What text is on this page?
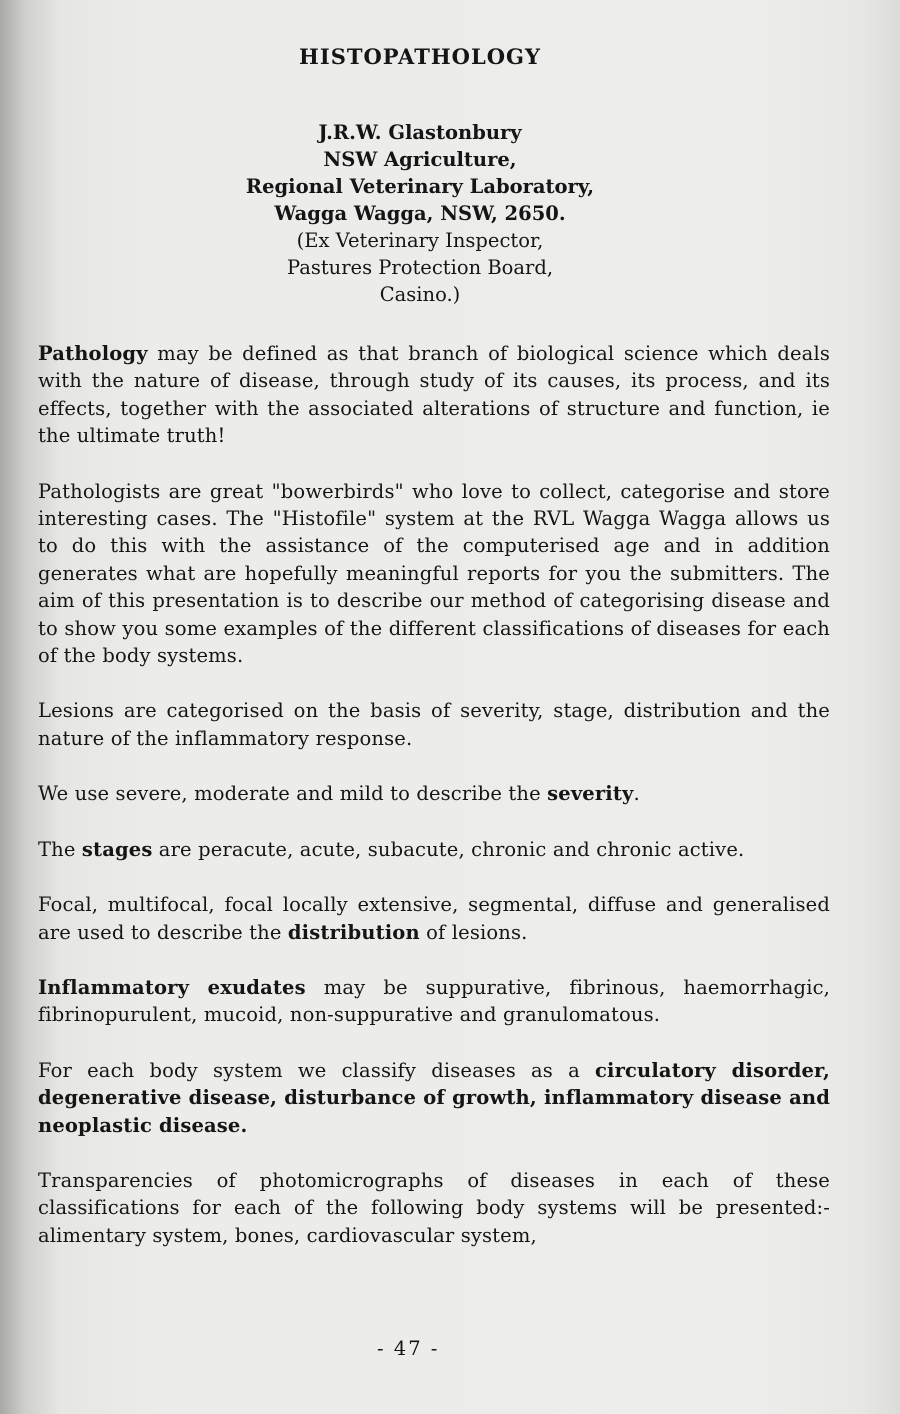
HISTOPATHOLOGY
J.R.W. Glastonbury
NSW Agriculture,
Regional Veterinary Laboratory,
Wagga Wagga, NSW, 2650.
(Ex Veterinary Inspector,
Pastures Protection Board,
Casino.)

Pathology may be defined as that branch of biological science which deals with the nature of disease, through study of its causes, its process, and its effects, together with the associated alterations of structure and function, ie the ultimate truth!

Pathologists are great "bowerbirds" who love to collect, categorise and store interesting cases. The "Histofile" system at the RVL Wagga Wagga allows us to do this with the assistance of the computerised age and in addition generates what are hopefully meaningful reports for you the submitters. The aim of this presentation is to describe our method of categorising disease and to show you some examples of the different classifications of diseases for each of the body systems.

Lesions are categorised on the basis of severity, stage, distribution and the nature of the inflammatory response.

We use severe, moderate and mild to describe the severity.

The stages are peracute, acute, subacute, chronic and chronic active.

Focal, multifocal, focal locally extensive, segmental, diffuse and generalised are used to describe the distribution of lesions.

Inflammatory exudates may be suppurative, fibrinous, haemorrhagic, fibrinopurulent, mucoid, non-suppurative and granulomatous.

For each body system we classify diseases as a circulatory disorder, degenerative disease, disturbance of growth, inflammatory disease and neoplastic disease.

Transparencies of photomicrographs of diseases in each of these classifications for each of the following body systems will be presented:- alimentary system, bones, cardiovascular system,

- 47 -
